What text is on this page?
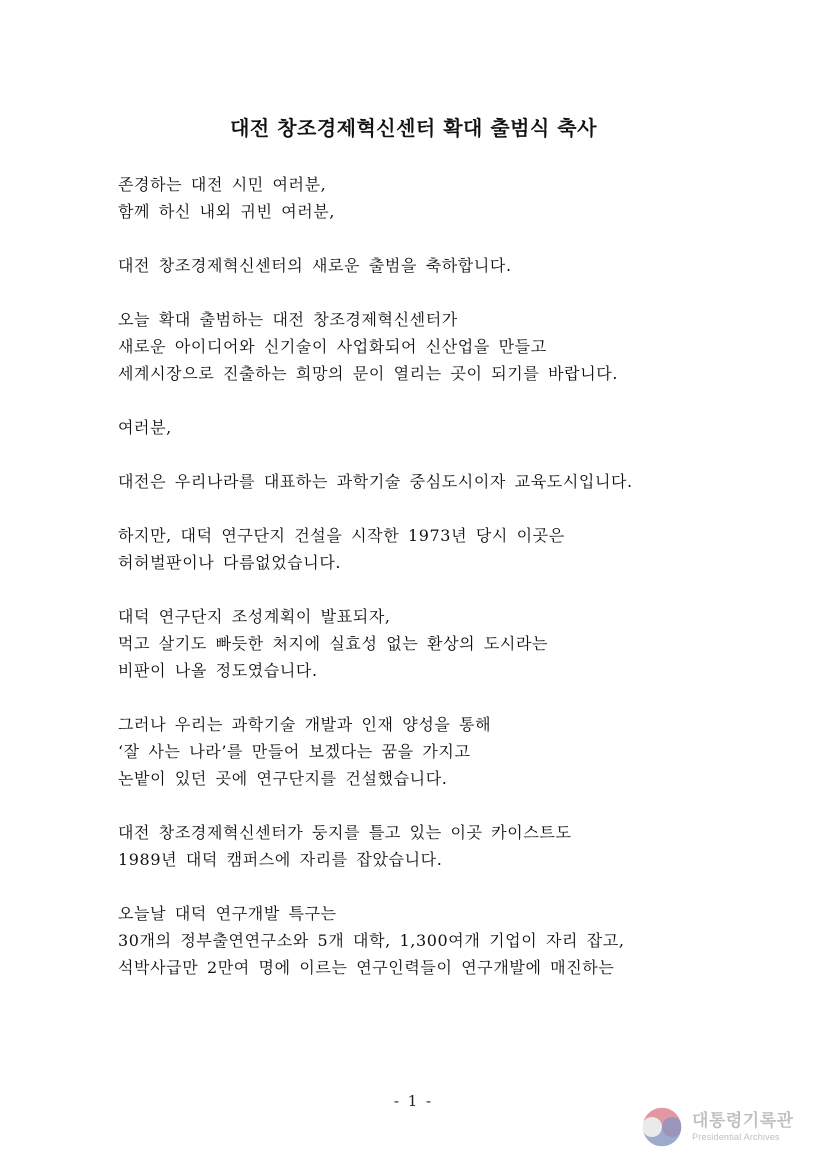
대전 창조경제혁신센터 확대 출범식 축사

존경하는 대전 시민 여러분,
함께 하신 내외 귀빈 여러분,

대전 창조경제혁신센터의 새로운 출범을 축하합니다.

오늘 확대 출범하는 대전 창조경제혁신센터가
새로운 아이디어와 신기술이 사업화되어 신산업을 만들고
세계시장으로 진출하는 희망의 문이 열리는 곳이 되기를 바랍니다.

여러분,

대전은 우리나라를 대표하는 과학기술 중심도시이자 교육도시입니다.

하지만, 대덕 연구단지 건설을 시작한 1973년 당시 이곳은
허허벌판이나 다름없었습니다.

대덕 연구단지 조성계획이 발표되자,
먹고 살기도 빠듯한 처지에 실효성 없는 환상의 도시라는
비판이 나올 정도였습니다.

그러나 우리는 과학기술 개발과 인재 양성을 통해
‘잘 사는 나라’를 만들어 보겠다는 꿈을 가지고
논밭이 있던 곳에 연구단지를 건설했습니다.

대전 창조경제혁신센터가 둥지를 틀고 있는 이곳 카이스트도
1989년 대덕 캠퍼스에 자리를 잡았습니다.

오늘날 대덕 연구개발 특구는
30개의 정부출연연구소와 5개 대학, 1,300여개 기업이 자리 잡고,
석박사급만 2만여 명에 이르는 연구인력들이 연구개발에 매진하는

- 1 -
대통령기록관
Presidential Archives
